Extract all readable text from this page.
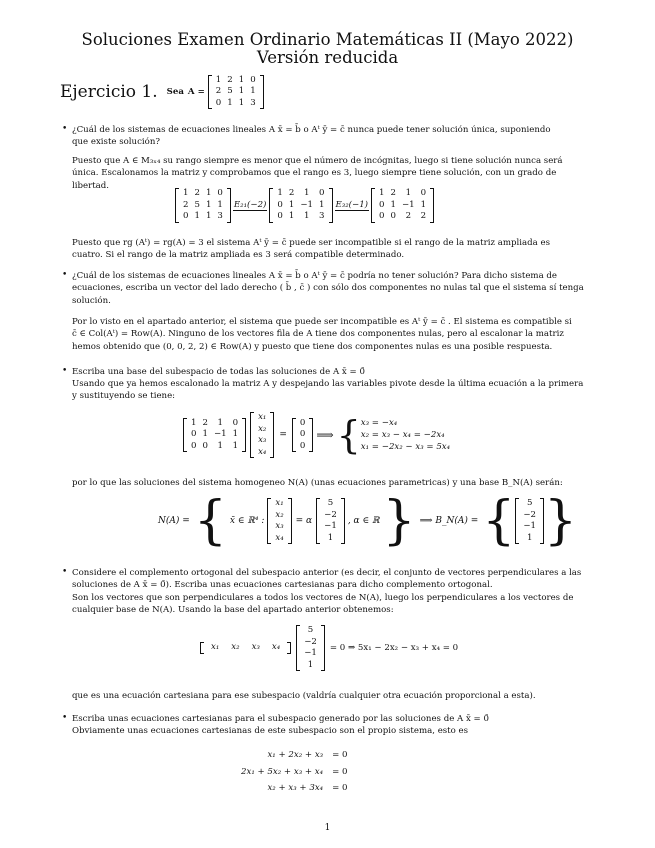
Soluciones Examen Ordinario Matemáticas II (Mayo 2022)
Versión reducida
Ejercicio 1. Sea A =
1	2	1	0
2	5	1	1
0	1	1	3
• ¿Cuál de los sistemas de ecuaciones lineales A x̄ = b̄ o Aᵗ ȳ = c̄ nunca puede tener solución única, suponiendo
que existe solución?
Puesto que A ∈ M₃ₓ₄ su rango siempre es menor que el número de incógnitas, luego si tiene solución nunca será
única. Escalonamos la matriz y comprobamos que el rango es 3, luego siempre tiene solución, con un grado de
libertad.
1	2	1	0
2	5	1	1
0	1	1	3
E₂₁(−2)
1	2	1	0
0	1	−1	1
0	1	1	3
E₃₂(−1)
1	2	1	0
0	1	−1	1
0	0	2	2
Puesto que rg (Aᵗ) = rg(A) = 3 el sistema Aᵗ ȳ = c̄ puede ser incompatible si el rango de la matriz ampliada es
cuatro. Si el rango de la matriz ampliada es 3 será compatible determinado.
• ¿Cuál de los sistemas de ecuaciones lineales A x̄ = b̄ o Aᵗ ȳ = c̄ podría no tener solución? Para dicho sistema de
ecuaciones, escriba un vector del lado derecho ( b̄ , c̄ ) con sólo dos componentes no nulas tal que el sistema sí tenga
solución.
Por lo visto en el apartado anterior, el sistema que puede ser incompatible es Aᵗ ȳ = c̄ . El sistema es compatible si
c̄ ∈ Col(Aᵗ) = Row(A). Ninguno de los vectores fila de A tiene dos componentes nulas, pero al escalonar la matriz
hemos obtenido que (0, 0, 2, 2) ∈ Row(A) y puesto que tiene dos componentes nulas es una posible respuesta.
• Escriba una base del subespacio de todas las soluciones de A x̄ = 0̄
Usando que ya hemos escalonado la matriz A y despejando las variables pivote desde la última ecuación a la primera
y sustituyendo se tiene:
1	2	1	0
0	1	−1	1
0	0	1	1
x₁
x₂
x₃
x₄
=
0
0
0
⟹ { x₃ = −x₄
x₂ = x₃ − x₄ = −2x₄
x₁ = −2x₂ − x₃ = 5x₄
por lo que las soluciones del sistema homogeneo N(A) (unas ecuaciones parametricas) y una base B_N(A) serán:
N(A) = { x̄ ∈ ℝ⁴ :
x₁
x₂
x₃
x₄
= α
5
−2
−1
1
, α ∈ ℝ } ⟹ B_N(A) = { 5
−2
−1
1 }
• Considere el complemento ortogonal del subespacio anterior (es decir, el conjunto de vectores perpendiculares a las
soluciones de A x̄ = 0̄). Escriba unas ecuaciones cartesianas para dicho complemento ortogonal.
Son los vectores que son perpendiculares a todos los vectores de N(A), luego los perpendiculares a los vectores de
cualquier base de N(A). Usando la base del apartado anterior obtenemos:
x₁	x₂	x₃	x₄
5
−2
−1
1
= 0 ⇒ 5x₁ − 2x₂ − x₃ + x₄ = 0
que es una ecuación cartesiana para ese subespacio (valdría cualquier otra ecuación proporcional a esta).
• Escriba unas ecuaciones cartesianas para el subespacio generado por las soluciones de A x̄ = 0̄
Obviamente unas ecuaciones cartesianas de este subespacio son el propio sistema, esto es
x₁ + 2x₂ + x₃	= 0
2x₁ + 5x₂ + x₃ + x₄	= 0
x₂ + x₃ + 3x₄	= 0
1
